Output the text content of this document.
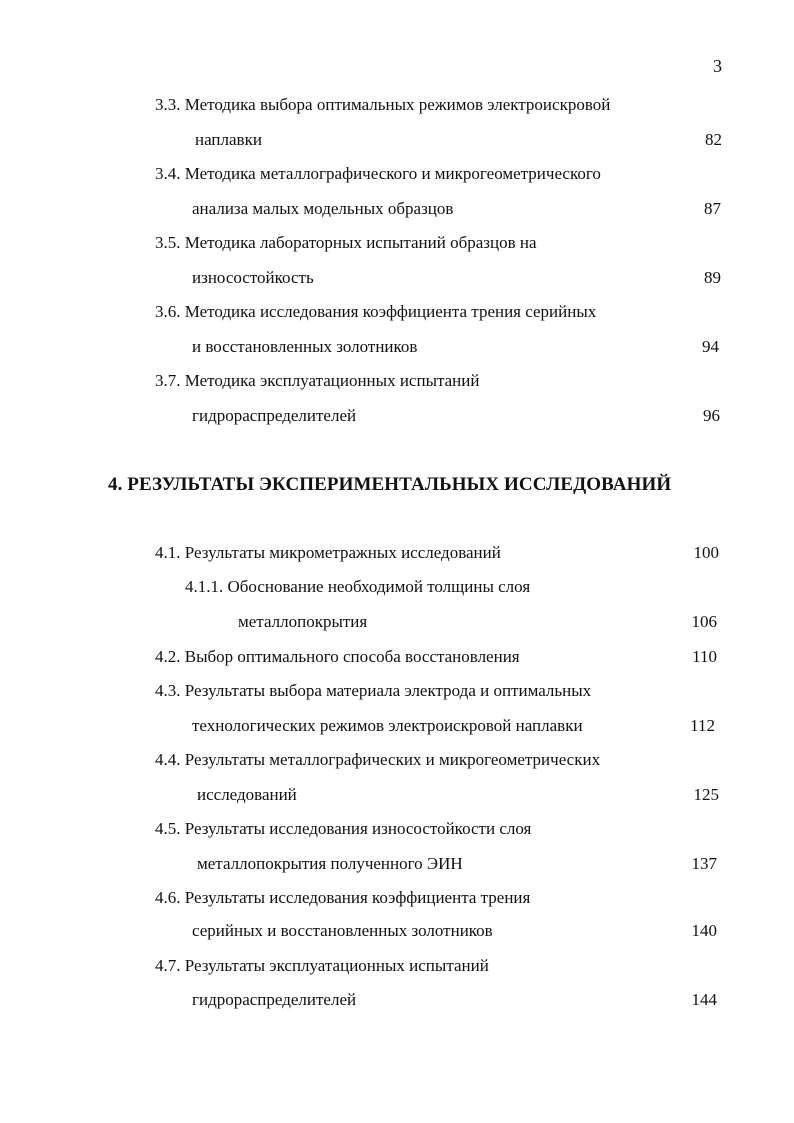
3
3.3. Методика выбора оптимальных режимов электроискровой
наплавки	82
3.4. Методика металлографического и микрогеометрического
анализа малых модельных образцов	87
3.5. Методика лабораторных испытаний образцов на
износостойкость	89
3.6. Методика исследования коэффициента трения серийных
и восстановленных золотников	94
3.7. Методика эксплуатационных испытаний
гидрораспределителей	96
4. РЕЗУЛЬТАТЫ ЭКСПЕРИМЕНТАЛЬНЫХ ИССЛЕДОВАНИЙ
4.1. Результаты микрометражных исследований	100
4.1.1. Обоснование необходимой толщины слоя
металлопокрытия	106
4.2. Выбор оптимального способа восстановления	110
4.3. Результаты выбора материала электрода и оптимальных
технологических режимов электроискровой наплавки	112
4.4. Результаты металлографических и микрогеометрических
исследований	125
4.5. Результаты исследования износостойкости слоя
металлопокрытия полученного ЭИН	137
4.6. Результаты исследования коэффициента трения
серийных и восстановленных золотников	140
4.7. Результаты эксплуатационных испытаний
гидрораспределителей	144
